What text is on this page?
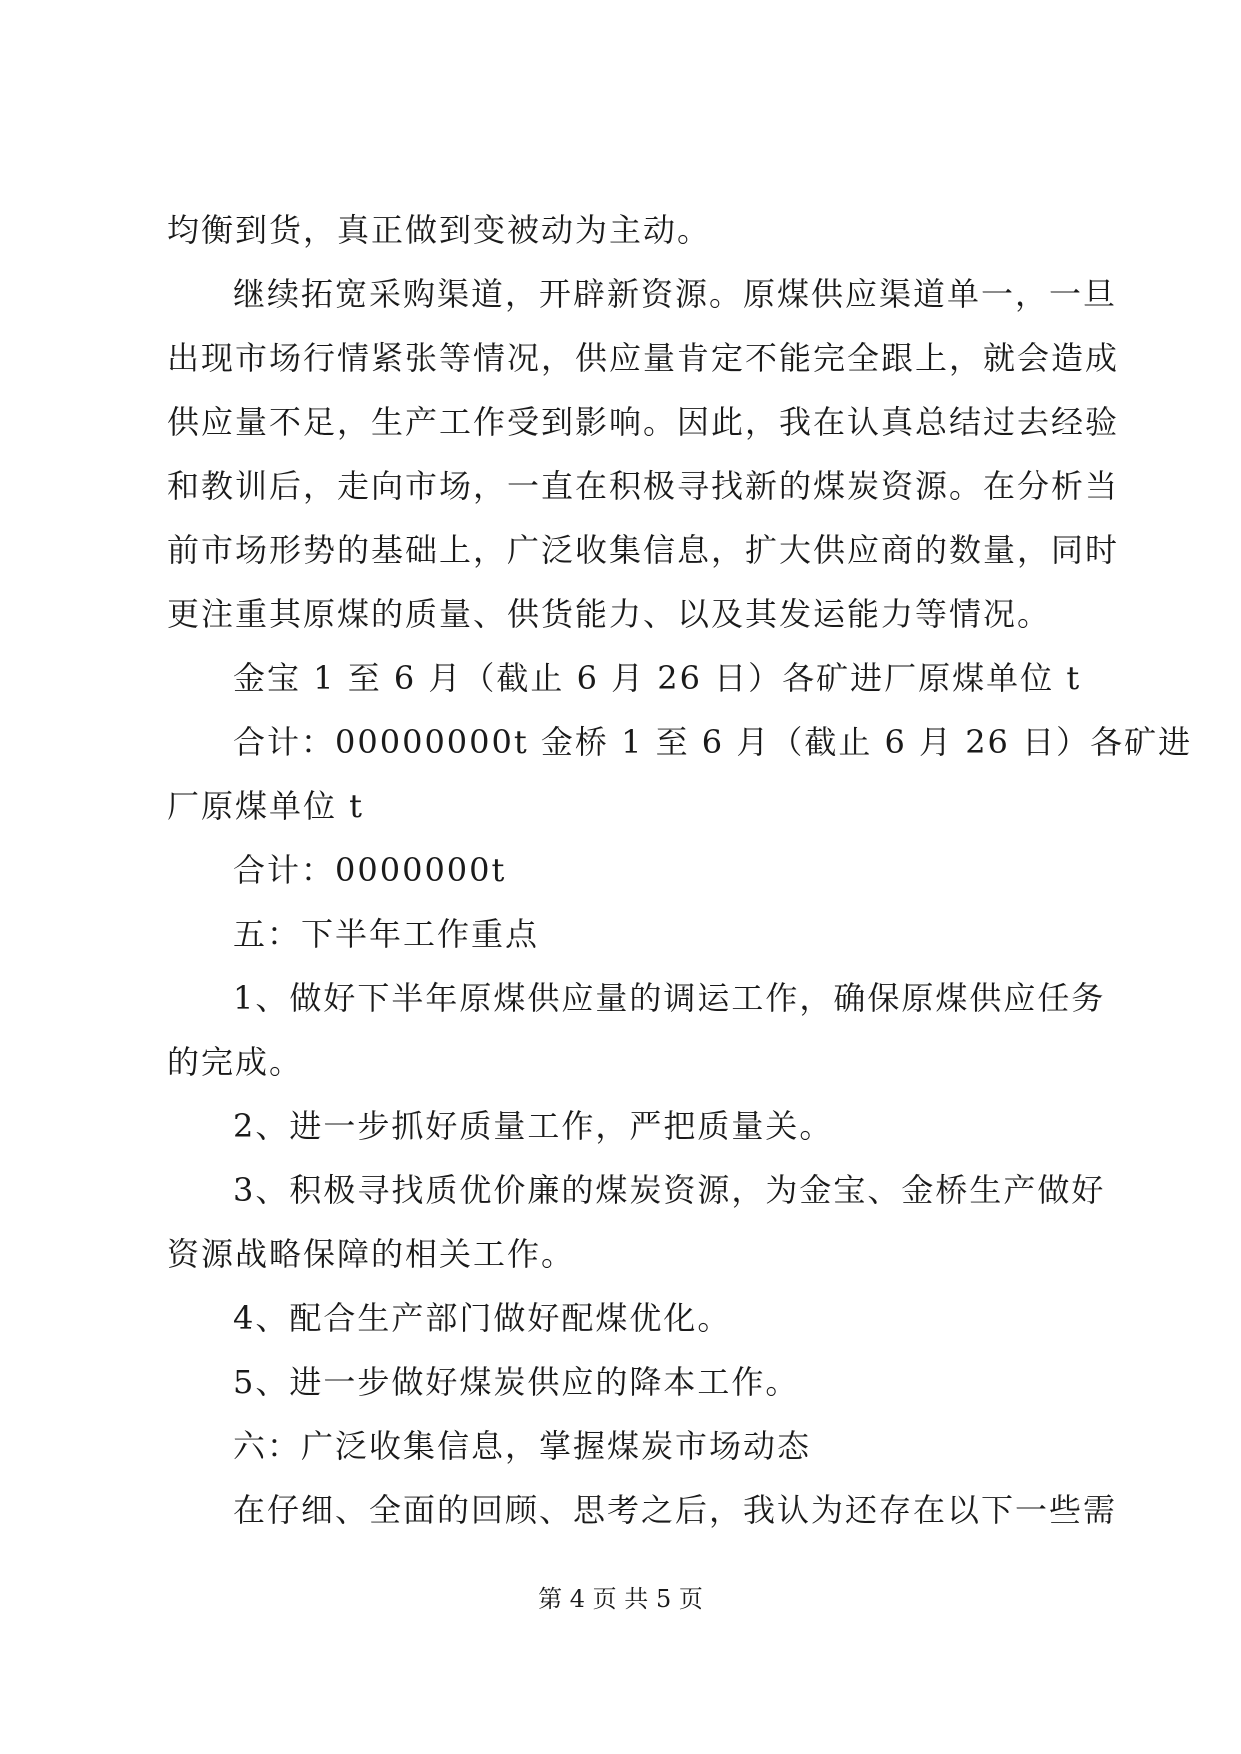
均衡到货，真正做到变被动为主动。
继续拓宽采购渠道，开辟新资源。原煤供应渠道单一，一旦
出现市场行情紧张等情况，供应量肯定不能完全跟上，就会造成
供应量不足，生产工作受到影响。因此，我在认真总结过去经验
和教训后，走向市场，一直在积极寻找新的煤炭资源。在分析当
前市场形势的基础上，广泛收集信息，扩大供应商的数量，同时
更注重其原煤的质量、供货能力、以及其发运能力等情况。
金宝 1 至 6 月（截止 6 月 26 日）各矿进厂原煤单位 t
合计：00000000t 金桥 1 至 6 月（截止 6 月 26 日）各矿进
厂原煤单位 t
合计：0000000t
五：下半年工作重点
1、做好下半年原煤供应量的调运工作，确保原煤供应任务
的完成。
2、进一步抓好质量工作，严把质量关。
3、积极寻找质优价廉的煤炭资源，为金宝、金桥生产做好
资源战略保障的相关工作。
4、配合生产部门做好配煤优化。
5、进一步做好煤炭供应的降本工作。
六：广泛收集信息，掌握煤炭市场动态
在仔细、全面的回顾、思考之后，我认为还存在以下一些需
第 4 页 共 5 页
